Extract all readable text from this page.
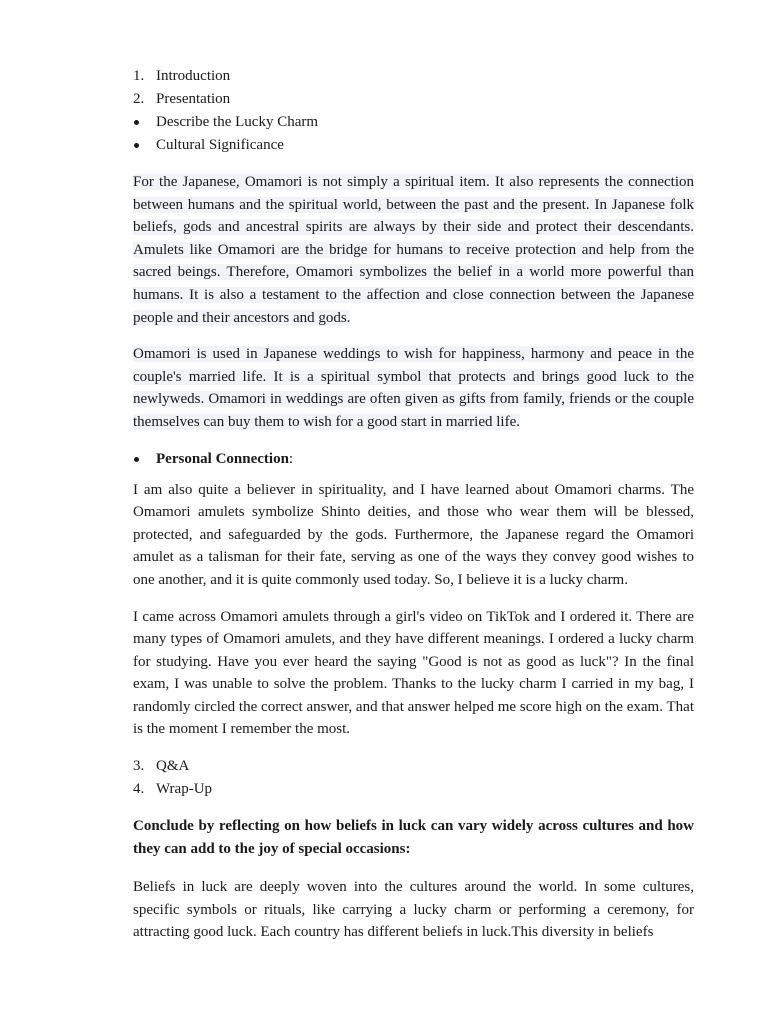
1. Introduction
2. Presentation
Describe the Lucky Charm
Cultural Significance

For the Japanese, Omamori is not simply a spiritual item. It also represents the connection between humans and the spiritual world, between the past and the present. In Japanese folk beliefs, gods and ancestral spirits are always by their side and protect their descendants. Amulets like Omamori are the bridge for humans to receive protection and help from the sacred beings. Therefore, Omamori symbolizes the belief in a world more powerful than humans. It is also a testament to the affection and close connection between the Japanese people and their ancestors and gods.

Omamori is used in Japanese weddings to wish for happiness, harmony and peace in the couple's married life. It is a spiritual symbol that protects and brings good luck to the newlyweds. Omamori in weddings are often given as gifts from family, friends or the couple themselves can buy them to wish for a good start in married life.

Personal Connection:

I am also quite a believer in spirituality, and I have learned about Omamori charms. The Omamori amulets symbolize Shinto deities, and those who wear them will be blessed, protected, and safeguarded by the gods. Furthermore, the Japanese regard the Omamori amulet as a talisman for their fate, serving as one of the ways they convey good wishes to one another, and it is quite commonly used today. So, I believe it is a lucky charm.

I came across Omamori amulets through a girl's video on TikTok and I ordered it. There are many types of Omamori amulets, and they have different meanings. I ordered a lucky charm for studying. Have you ever heard the saying "Good is not as good as luck"? In the final exam, I was unable to solve the problem. Thanks to the lucky charm I carried in my bag, I randomly circled the correct answer, and that answer helped me score high on the exam. That is the moment I remember the most.

3. Q&A
4. Wrap-Up

Conclude by reflecting on how beliefs in luck can vary widely across cultures and how they can add to the joy of special occasions:

Beliefs in luck are deeply woven into the cultures around the world. In some cultures, specific symbols or rituals, like carrying a lucky charm or performing a ceremony, for attracting good luck. Each country has different beliefs in luck.This diversity in beliefs
